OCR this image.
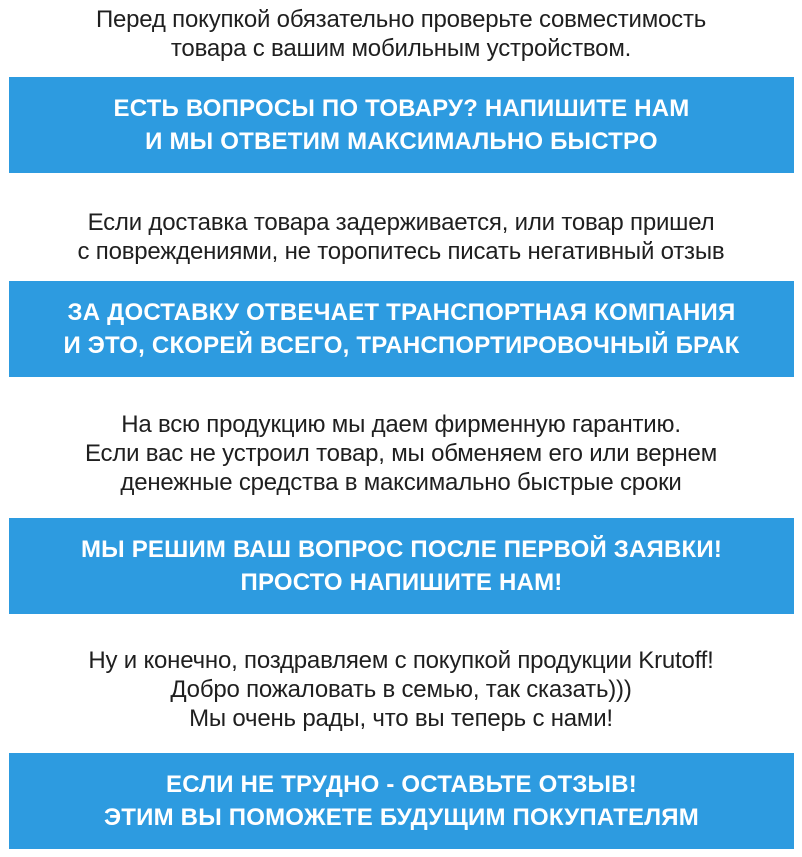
Перед покупкой обязательно проверьте совместимость
товара с вашим мобильным устройством.
ЕСТЬ ВОПРОСЫ ПО ТОВАРУ? НАПИШИТЕ НАМ
И МЫ ОТВЕТИМ МАКСИМАЛЬНО БЫСТРО
Если доставка товара задерживается, или товар пришел
с повреждениями, не торопитесь писать негативный отзыв
ЗА ДОСТАВКУ ОТВЕЧАЕТ ТРАНСПОРТНАЯ КОМПАНИЯ
И ЭТО, СКОРЕЙ ВСЕГО, ТРАНСПОРТИРОВОЧНЫЙ БРАК
На всю продукцию мы даем фирменную гарантию.
Если вас не устроил товар, мы обменяем его или вернем
денежные средства в максимально быстрые сроки
МЫ РЕШИМ ВАШ ВОПРОС ПОСЛЕ ПЕРВОЙ ЗАЯВКИ!
ПРОСТО НАПИШИТЕ НАМ!
Ну и конечно, поздравляем с покупкой продукции Krutoff!
Добро пожаловать в семью, так сказать)))
Мы очень рады, что вы теперь с нами!
ЕСЛИ НЕ ТРУДНО - ОСТАВЬТЕ ОТЗЫВ!
ЭТИМ ВЫ ПОМОЖЕТЕ БУДУЩИМ ПОКУПАТЕЛЯМ
